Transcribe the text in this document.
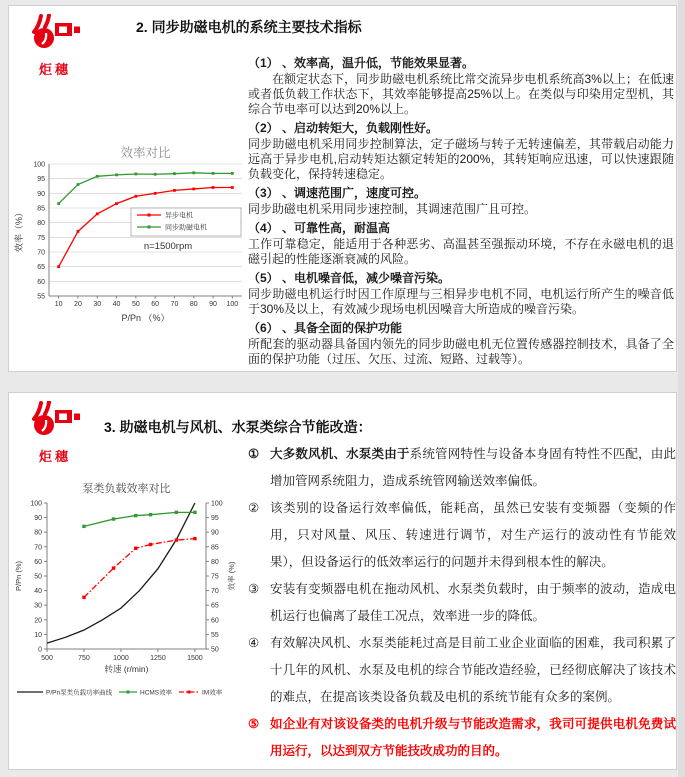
炬穗
2. 同步助磁电机的系统主要技术指标
效率对比
55
60
65
70
75
80
85
90
95
100
10 20 30 40 50 60 70 80 90 100
P/Pn （%）
效率（%）	异步电机
同步助磁电机
n=1500rpm
（1） 、效率高，温升低，节能效果显著。

在额定状态下，同步助磁电机系统比常交流异步电机系统高3%以上；在低速或者低负载工作状态下，其效率能够提高25%以上。在类似与印染用定型机，其综合节电率可以达到20%以上。

（2） 、启动转矩大，负载刚性好。

同步助磁电机采用同步控制算法，定子磁场与转子无转速偏差，其带载启动能力远高于异步电机,启动转矩达额定转矩的200%，其转矩响应迅速，可以快速跟随负载变化，保持转速稳定。

（3） 、调速范围广，速度可控。

同步助磁电机采用同步速控制，其调速范围广且可控。

（4） 、可靠性高，耐温高

工作可靠稳定，能适用于各种恶劣、高温甚至强振动环境，不存在永磁电机的退磁引起的性能逐渐衰减的风险。

（5） 、电机噪音低，减少噪音污染。

同步助磁电机运行时因工作原理与三相异步电机不同，电机运行所产生的噪音低于30%及以上，有效减少现场电机因噪音大所造成的噪音污染。

（6） 、具备全面的保护功能

所配套的驱动器具备国内领先的同步助磁电机无位置传感器控制技术，具备了全面的保护功能（过压、欠压、过流、短路、过载等）。

炬穗
3. 助磁电机与风机、水泵类综合节能改造：
泵类负载效率对比
0
10
20
30
40
50
60
70
80
90
100
50
55
60
65
70
75
80
85
90
95
100
500	750	1000	1250	1500
转速 (r/min)
P/Pn (%)	效率 (%)
P/Pn泵类负载功率曲线	HCMS效率	IM效率
① 大多数风机、水泵类由于系统管网特性与设备本身固有特性不匹配，由此增加管网系统阻力，造成系统管网输送效率偏低。

② 该类别的设备运行效率偏低，能耗高，虽然已安装有变频器（变频的作用，只对风量、风压、转速进行调节，对生产运行的波动性有节能效果），但设备运行的低效率运行的问题并未得到根本性的解决。

③ 安装有变频器电机在拖动风机、水泵类负载时，由于频率的波动，造成电机运行也偏离了最佳工况点，效率进一步的降低。

④ 有效解决风机、水泵类能耗过高是目前工业企业面临的困难，我司积累了十几年的风机、水泵及电机的综合节能改造经验，已经彻底解决了该技术的难点，在提高该类设备负载及电机的系统节能有众多的案例。

⑤ 如企业有对该设备类的电机升级与节能改造需求，我司可提供电机免费试用运行，以达到双方节能技改成功的目的。
